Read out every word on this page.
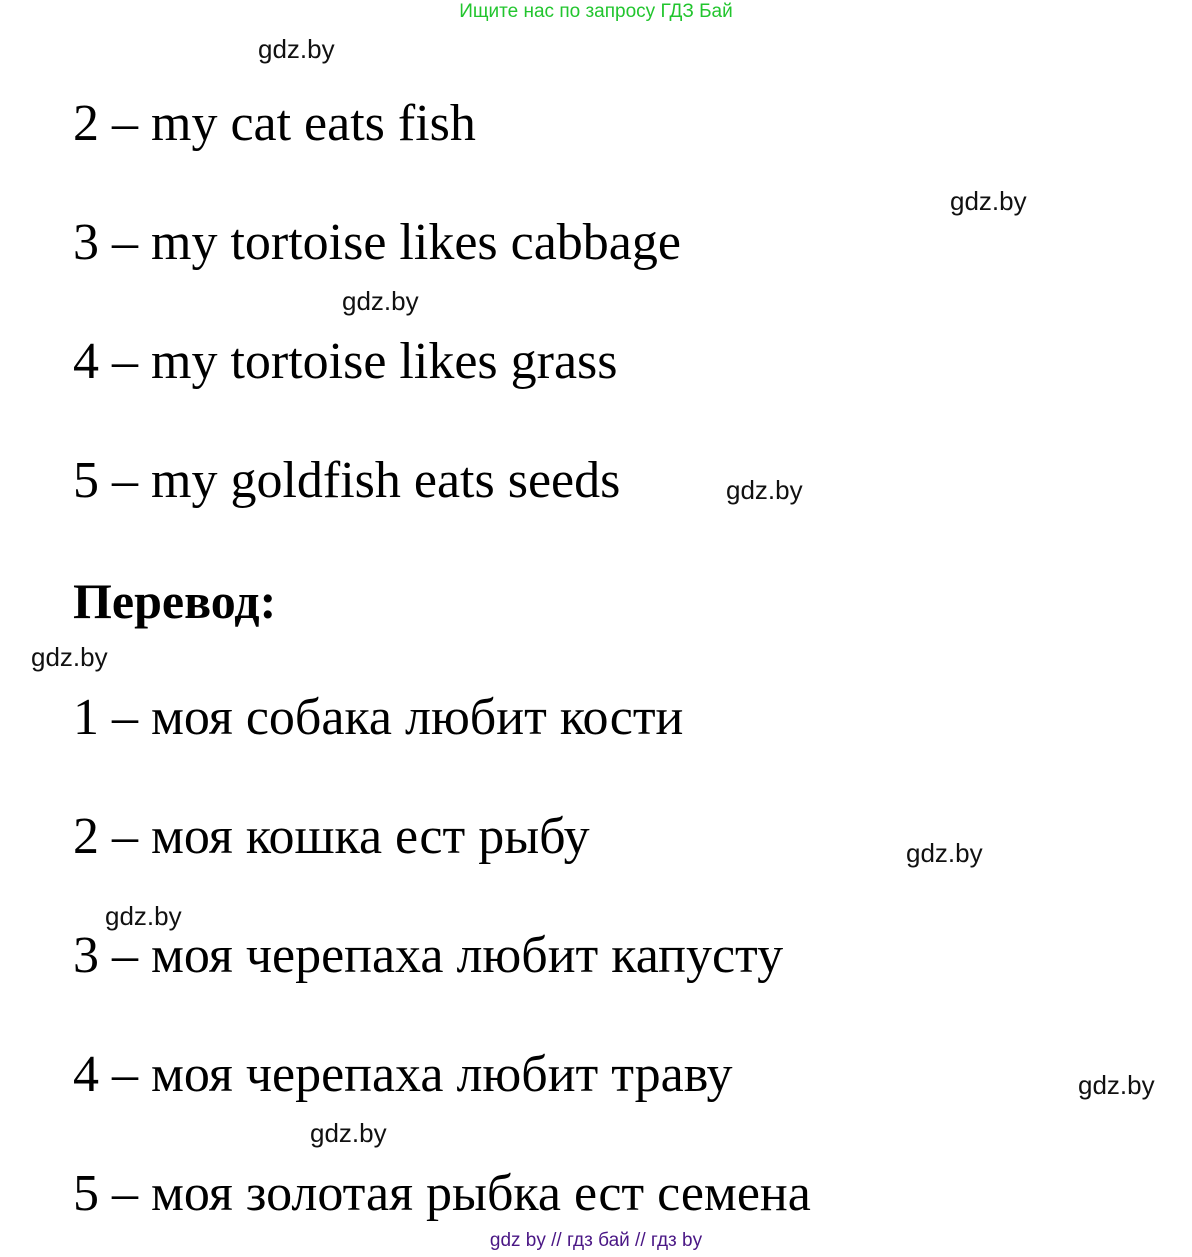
Ищите нас по запросу ГДЗ Бай
gdz.by
gdz.by
gdz.by
gdz.by
gdz.by
gdz.by
gdz.by
gdz.by
gdz.by
2 – my cat eats fish
3 – my tortoise likes cabbage
4 – my tortoise likes grass
5 – my goldfish eats seeds
Перевод:
1 – моя собака любит кости
2 – моя кошка ест рыбу
3 – моя черепаха любит капусту
4 – моя черепаха любит траву
5 – моя золотая рыбка ест семена
gdz by // гдз бай // гдз by
